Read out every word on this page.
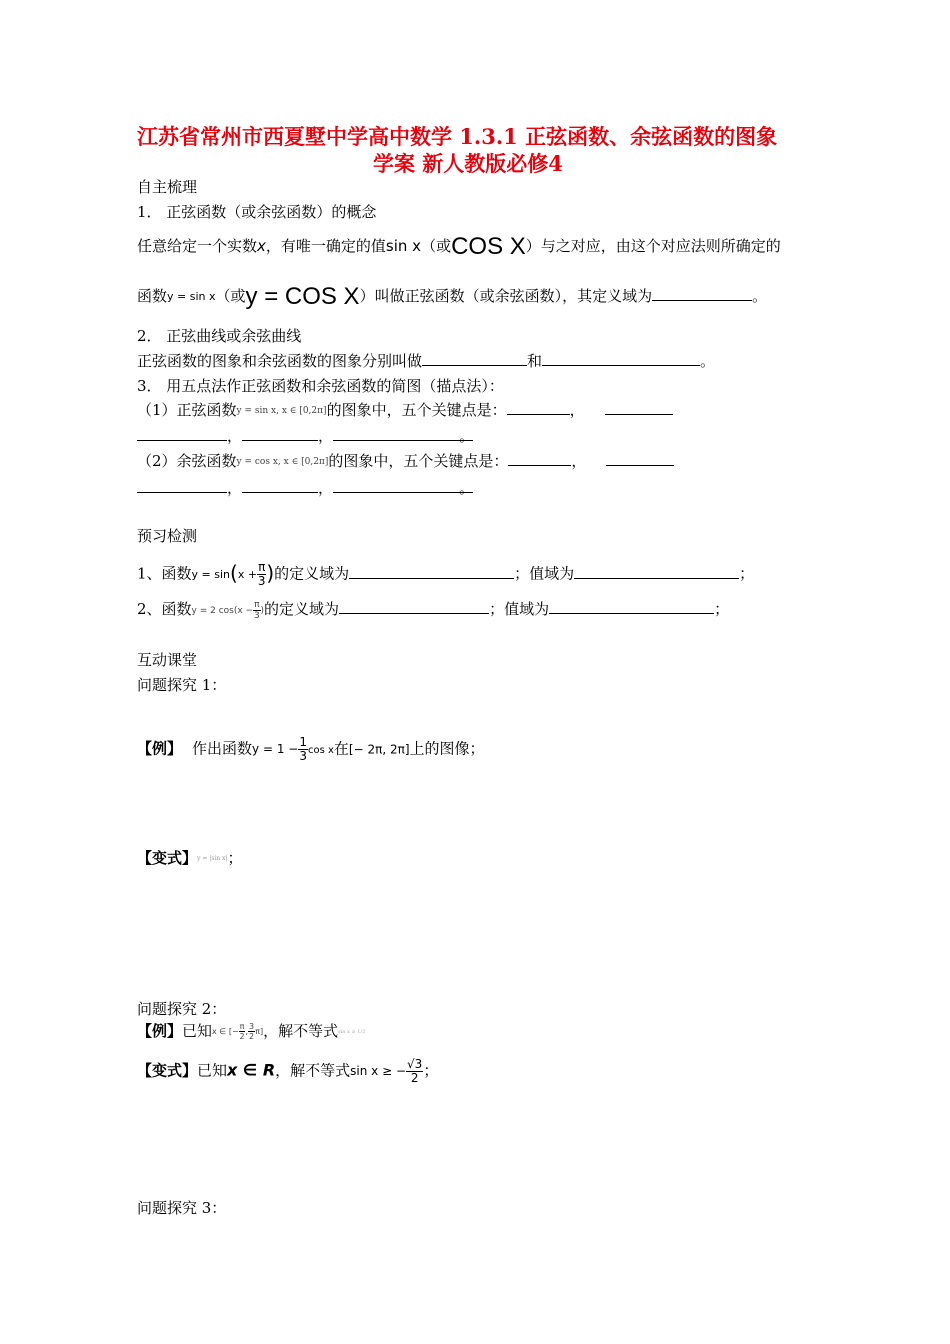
江苏省常州市西夏墅中学高中数学 1.3.1 正弦函数、余弦函数的图象
学案 新人教版必修4
自主梳理
1． 正弦函数（或余弦函数）的概念
任意给定一个实数x，有唯一确定的值sin x（或COS X）与之对应，由这个对应法则所确定的
函数y = sin x（或y = COS X）叫做正弦函数（或余弦函数），其定义域为	。
2． 正弦曲线或余弦曲线
正弦函数的图象和余弦函数的图象分别叫做	和	。
3． 用五点法作正弦函数和余弦函数的简图（描点法）：
（1）正弦函数y = sin x, x ∈ [0,2π]的图象中，五个关键点是：	，
，	，	。
（2）余弦函数y = cos x, x ∈ [0,2π]的图象中，五个关键点是：	，
，	，	。
预习检测
1、函数$y = \sin(x + \frac{\pi}{3}$ )的定义域为	；值域为	；
2、函数y = 2 $\cos(x - \frac{\pi}{3}$ )的定义域为	；值域为	；
互动课堂
问题探究 1：
【例】 作出函数$y = 1 - \frac{1}{3}$ cos x在[− 2π, 2π]上的图像；
【变式】y = |sin x|；
问题探究 2：
【例】已知x ∈ [− $\frac{\pi}{2}$ , $\frac{3}{2} \pi$]，解不等式sin x ≥ 1/2
【变式】已知x ∈ R，解不等式sin x ≥ − $\frac{√3}{2}$ ；
问题探究 3：
